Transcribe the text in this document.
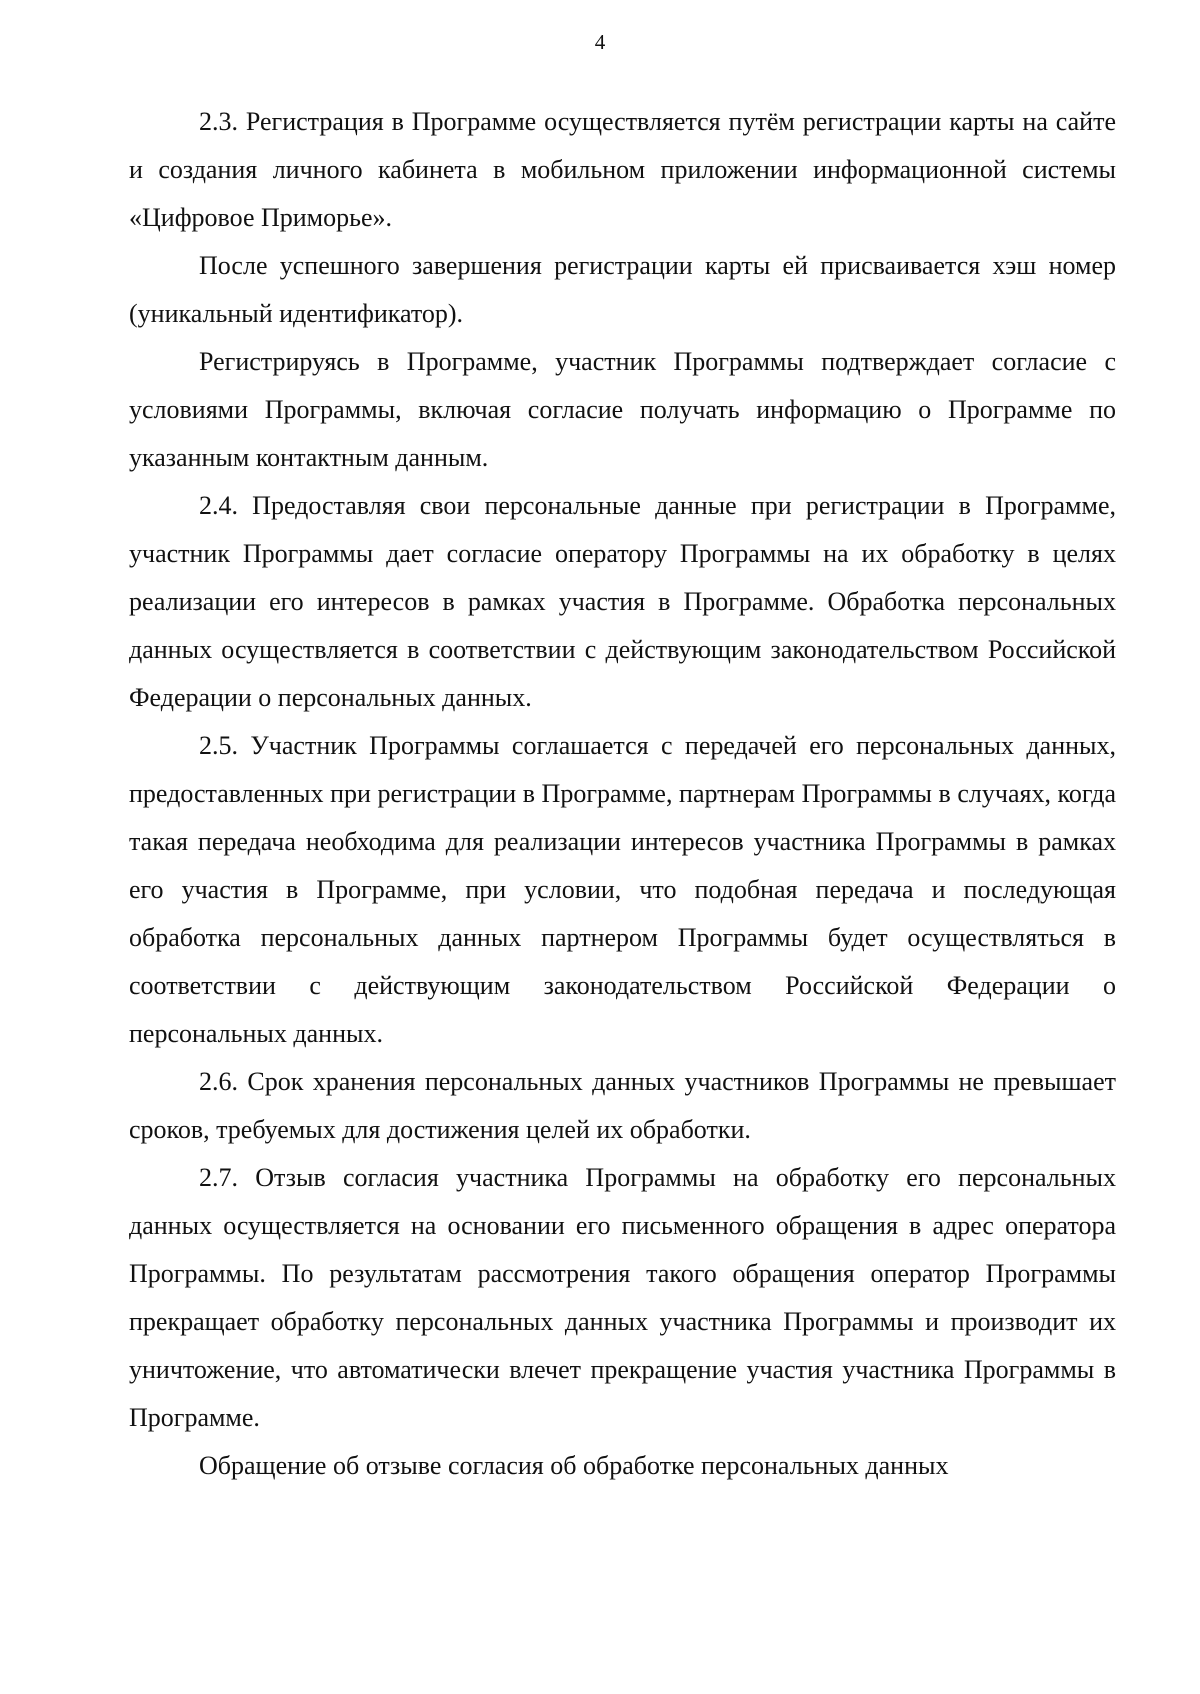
4

2.3. Регистрация в Программе осуществляется путём регистрации карты на сайте и создания личного кабинета в мобильном приложении информационной системы «Цифровое Приморье».

После успешного завершения регистрации карты ей присваивается хэш номер (уникальный идентификатор).

Регистрируясь в Программе, участник Программы подтверждает согласие с условиями Программы, включая согласие получать информацию о Программе по указанным контактным данным.

2.4. Предоставляя свои персональные данные при регистрации в Программе, участник Программы дает согласие оператору Программы на их обработку в целях реализации его интересов в рамках участия в Программе. Обработка персональных данных осуществляется в соответствии с действующим законодательством Российской Федерации о персональных данных.

2.5. Участник Программы соглашается с передачей его персональных данных, предоставленных при регистрации в Программе, партнерам Программы в случаях, когда такая передача необходима для реализации интересов участника Программы в рамках его участия в Программе, при условии, что подобная передача и последующая обработка персональных данных партнером Программы будет осуществляться в соответствии с действующим законодательством Российской Федерации о персональных данных.

2.6. Срок хранения персональных данных участников Программы не превышает сроков, требуемых для достижения целей их обработки.

2.7. Отзыв согласия участника Программы на обработку его персональных данных осуществляется на основании его письменного обращения в адрес оператора Программы. По результатам рассмотрения такого обращения оператор Программы прекращает обработку персональных данных участника Программы и производит их уничтожение, что автоматически влечет прекращение участия участника Программы в Программе.

Обращение об отзыве согласия об обработке персональных данных
